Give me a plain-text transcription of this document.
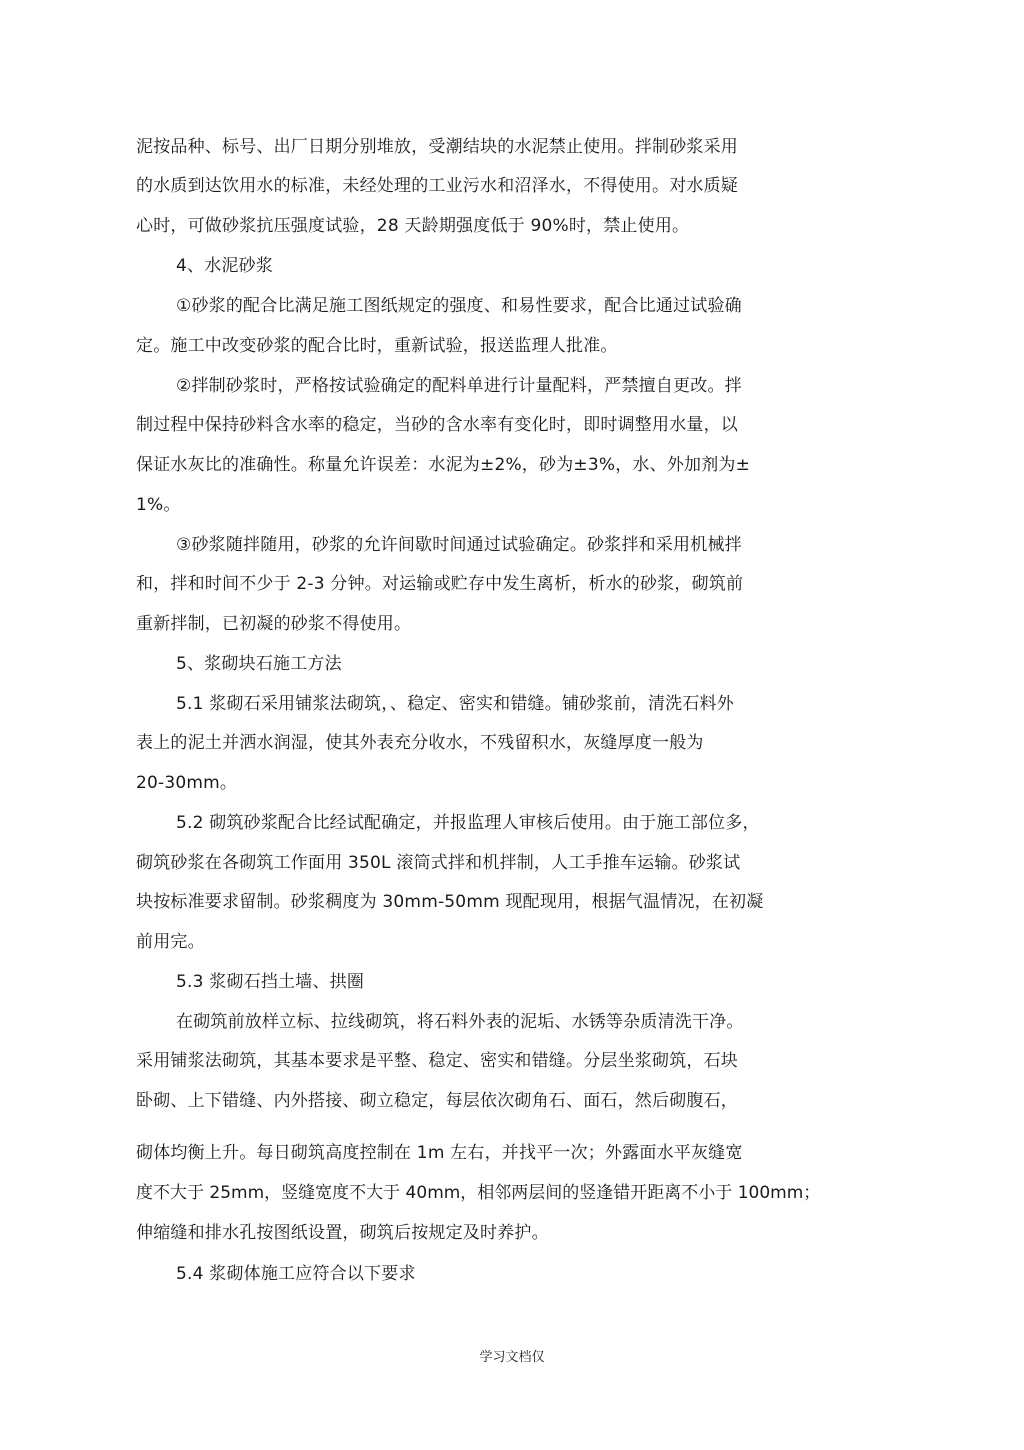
泥按品种、标号、出厂日期分别堆放，受潮结块的水泥禁止使用。拌制砂浆采用

的水质到达饮用水的标准，未经处理的工业污水和沼泽水，不得使用。对水质疑

心时，可做砂浆抗压强度试验，28 天龄期强度低于 90%时，禁止使用。

4、水泥砂浆

①砂浆的配合比满足施工图纸规定的强度、和易性要求，配合比通过试验确

定。施工中改变砂浆的配合比时，重新试验，报送监理人批准。

②拌制砂浆时，严格按试验确定的配料单进行计量配料，严禁擅自更改。拌

制过程中保持砂料含水率的稳定，当砂的含水率有变化时，即时调整用水量，以

保证水灰比的准确性。称量允许误差：水泥为±2%，砂为±3%，水、外加剂为±

1%。

③砂浆随拌随用，砂浆的允许间歇时间通过试验确定。砂浆拌和采用机械拌

和，拌和时间不少于 2-3 分钟。对运输或贮存中发生离析，析水的砂浆，砌筑前

重新拌制，已初凝的砂浆不得使用。

5、浆砌块石施工方法

5.1 浆砌石采用铺浆法砌筑，、稳定、密实和错缝。铺砂浆前，清洗石料外

表上的泥土并洒水润湿，使其外表充分收水，不残留积水，灰缝厚度一般为

20-30mm。

5.2 砌筑砂浆配合比经试配确定，并报监理人审核后使用。由于施工部位多，

砌筑砂浆在各砌筑工作面用 350L 滚筒式拌和机拌制，人工手推车运输。砂浆试

块按标准要求留制。砂浆稠度为 30mm-50mm 现配现用，根据气温情况，在初凝

前用完。

5.3 浆砌石挡土墙、拱圈

在砌筑前放样立标、拉线砌筑，将石料外表的泥垢、水锈等杂质清洗干净。

采用铺浆法砌筑，其基本要求是平整、稳定、密实和错缝。分层坐浆砌筑，石块

卧砌、上下错缝、内外搭接、砌立稳定，每层依次砌角石、面石，然后砌腹石，

砌体均衡上升。每日砌筑高度控制在 1m 左右，并找平一次；外露面水平灰缝宽

度不大于 25mm，竖缝宽度不大于 40mm，相邻两层间的竖逢错开距离不小于 100mm；

伸缩缝和排水孔按图纸设置，砌筑后按规定及时养护。

5.4 浆砌体施工应符合以下要求

学习文档仅
